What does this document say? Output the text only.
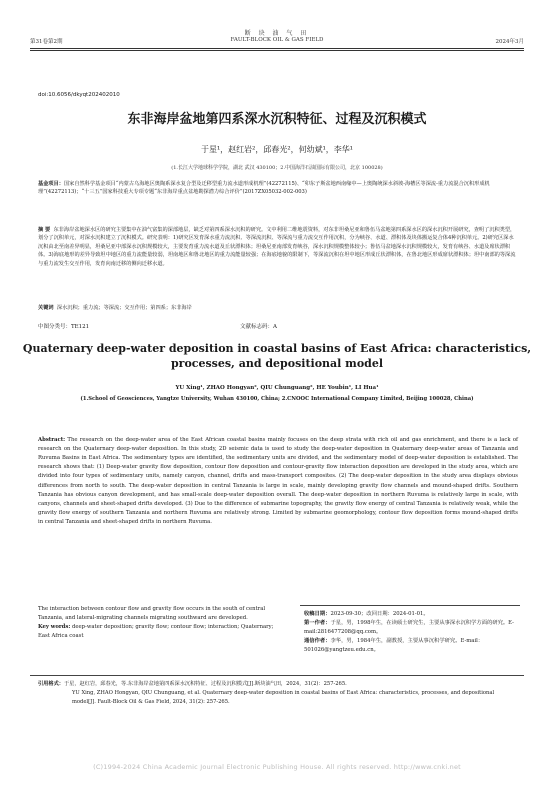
断 块 油 气 田
第31卷第2期	FAULT-BLOCK OIL & GAS FIELD	2024年3月
doi:10.6056/dkyqt202402010
东非海岸盆地第四系深水沉积特征、过程及沉积模式
于星¹，赵红岩²，邱春光²，何幼斌¹，李华¹
(1.长江大学地球科学学院，湖北 武汉 430100；2.中国海洋石油国际有限公司，北京 100028)
基金项目：国家自然科学基金项目“内蒙古乌海地区奥陶系深水复合型及迁移型重力流水道形成机理”(42272115)、“卯东子斯盆地西南缘中—上奥陶统深水斜坡-海槽区等深流-重力流混合沉积形成机理”(42272113)；“十三五”国家科技重大专项专题“东非海岸重点盆地勘探潜力综合评价”(2017ZX05032-002-003)
摘 要 东非海岸盆地深水区的研究主要集中在油气富集的深部地层，缺乏对第四系深水沉积的研究。文中利用二维地震资料，对东非坦桑尼亚和鲁伍马盆地第四系深水区的深水沉积开展研究，查明了沉积类型，划分了沉积单元，对深水沉积建立了沉积模式。研究表明：1)研究区发育深水重力流沉积、等深流沉积、等深流与重力流交互作用沉积，分为峡谷、水道、漂积体及块体搬运复合体4种沉积单元。2)研究区深水沉积由北至南差异明显，坦桑尼亚中部深水沉积规模较大，主要发育重力流水道及丘状漂积体；坦桑尼亚南部发育峡谷，深水沉积规模整体较小；鲁伍马盆地深水沉积规模较大，发育有峡谷、水道及席状漂积体。3)海底地形的差异导致坦中地区的重力流能量较弱，坦南地区和鲁北地区的重力流能量较强；在海底地貌的限制下，等深流沉积在坦中地区形成丘状漂积体，在鲁北地区形成席状漂积体；坦中南部的等深流与重力流发生交互作用，发育向南迁移的侧向迁移水道。
关键词 深水沉积；重力流；等深流；交互作用；第四系；东非海岸
中图分类号：TE121	文献标志码：A
Quaternary deep-water deposition in coastal basins of East Africa: characteristics, processes, and depositional model
YU Xing¹, ZHAO Hongyan², QIU Chunguang², HE Youbin¹, LI Hua¹
(1.School of Geosciences, Yangtze University, Wuhan 430100, China; 2.CNOOC International Company Limited, Beijing 100028, China)
Abstract: The research on the deep-water area of the East African coastal basins mainly focuses on the deep strata with rich oil and gas enrichment, and there is a lack of research on the Quaternary deep-water deposition. In this study, 2D seismic data is used to study the deep-water deposition in Quaternary deep-water areas of Tanzania and Ruvuma Basins in East Africa. The sedimentary types are identified, the sedimentary units are divided, and the sedimentary model of deep-water deposition is established. The research shows that: (1) Deep-water gravity flow deposition, contour flow deposition and contour-gravity flow interaction deposition are developed in the study area, which are divided into four types of sedimentary units, namely canyon, channel, drifts and mass-transport composites. (2) The deep-water deposition in the study area displays obvious differences from north to south. The deep-water deposition in central Tanzania is large in scale, mainly developing gravity flow channels and mound-shaped drifts. Southern Tanzania has obvious canyon development, and has small-scale deep-water deposition overall. The deep-water deposition in northern Ruvuma is relatively large in scale, with canyons, channels and sheet-shaped drifts developed. (3) Due to the difference of submarine topography, the gravity flow energy of central Tanzania is relatively weak, while the gravity flow energy of southern Tanzania and northern Ruvuma are relatively strong. Limited by submarine geomorphology, contour flow deposition forms mound-shaped drifts in central Tanzania and sheet-shaped drifts in northern Ruvuma.
The interaction between contour flow and gravity flow occurs in the south of central Tanzania, and lateral-migrating channels migrating southward are developed.
Key words: deep-water deposition; gravity flow; contour flow; interaction; Quaternary; East Africa coast
收稿日期：2023-09-30；改回日期：2024-01-01。
第一作者：于星，男，1998年生，在读硕士研究生，主要从事深水沉积学方面的研究。E-mail:2816477208@qq.com。
通信作者：李华，男，1984年生，副教授，主要从事沉积学研究。E-mail：501026@yangtzeu.edu.cn。
引用格式：于星，赵红岩，邱春光，等.东非海岸盆地第四系深水沉积特征、过程及沉积模式[J].断块油气田，2024，31(2)：257-265.
YU Xing, ZHAO Hongyan, QIU Chunguang, et al. Quaternary deep-water deposition in coastal basins of East Africa: characteristics, processes, and depositional model[J]. Fault-Block Oil & Gas Field, 2024, 31(2): 257-265.
(C)1994-2024 China Academic Journal Electronic Publishing House. All rights reserved. http://www.cnki.net
